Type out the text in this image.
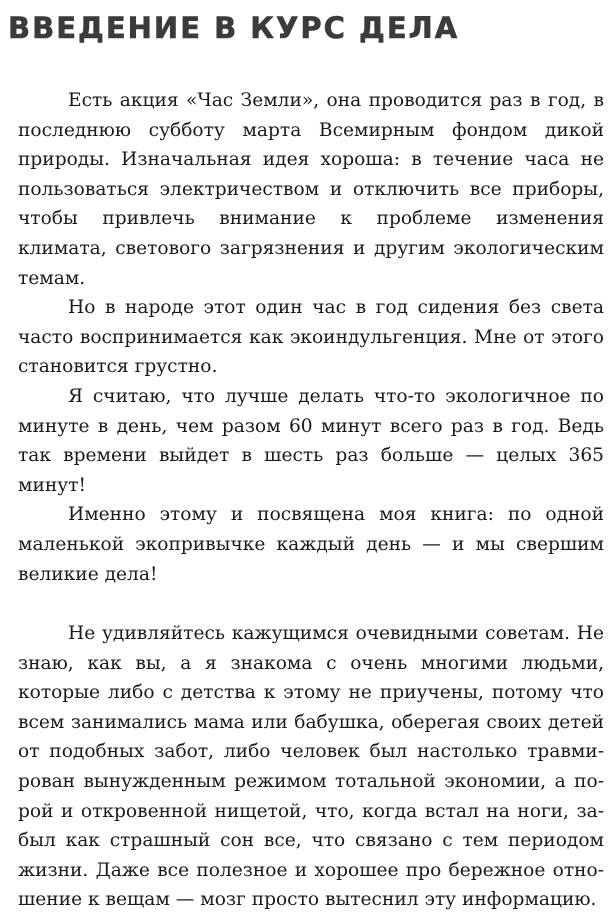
ВВЕДЕНИЕ В КУРС ДЕЛА

Есть акция «Час Земли», она проводится раз в год, в последнюю субботу марта Всемирным фондом дикой природы. Изначальная идея хороша: в течение часа не пользоваться электричеством и отключить все приборы, чтобы привлечь внимание к проблеме изменения климата, светового загрязнения и другим экологическим темам.

Но в народе этот один час в год сидения без света часто воспринимается как экоиндульгенция. Мне от этого становится грустно.

Я считаю, что лучше делать что-то экологичное по минуте в день, чем разом 60 минут всего раз в год. Ведь так времени выйдет в шесть раз больше — целых 365 минут!

Именно этому и посвящена моя книга: по одной маленькой экопривычке каждый день — и мы свершим великие дела!

Не удивляйтесь кажущимся очевидными советам. Не знаю, как вы, а я знакома с очень многими людьми, которые либо с детства к этому не приучены, потому что всем занимались мама или бабушка, оберегая своих детей от подобных забот, либо человек был настолько травмирован вынужденным режимом тотальной экономии, а порой и откровенной нищетой, что, когда встал на ноги, забыл как страшный сон все, что связано с тем периодом жизни. Даже все полезное и хорошее про бережное отношение к вещам — мозг просто вытеснил эту информацию.
